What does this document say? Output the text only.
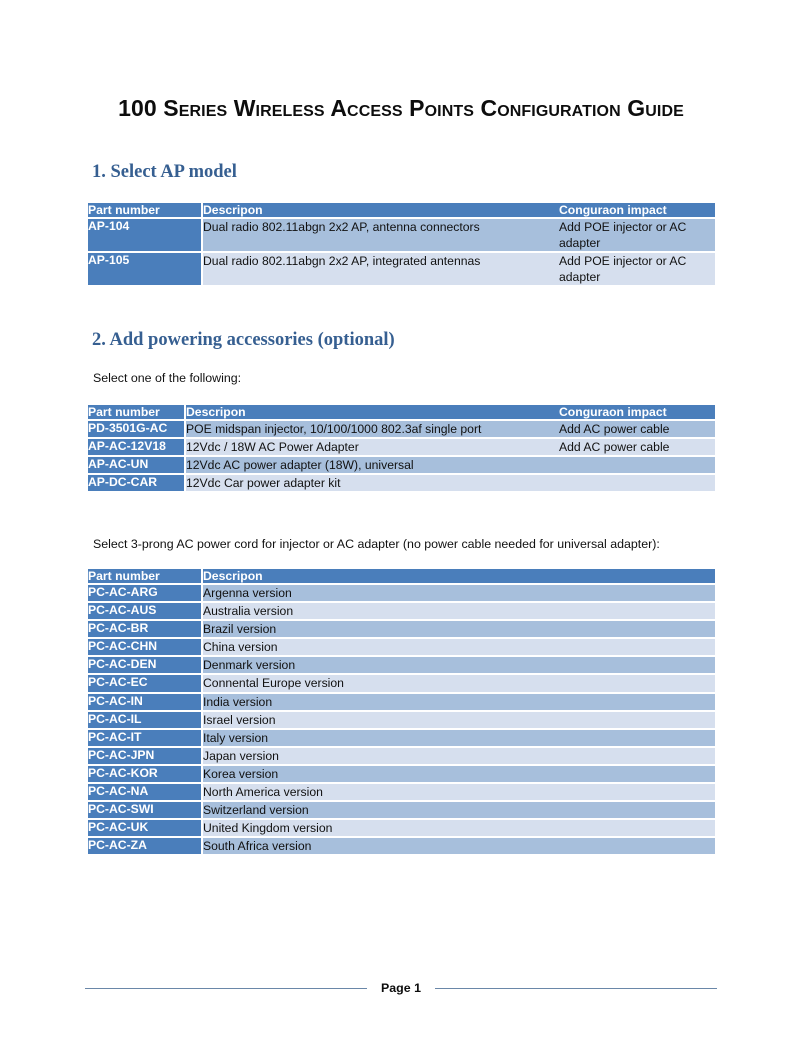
100 Series Wireless Access Points Configuration Guide
1. Select AP model
Part number	Descripon	Conguraon impact
AP-104	Dual radio 802.11abgn 2x2 AP, antenna connectors	Add POE injector or AC adapter
AP-105	Dual radio 802.11abgn 2x2 AP, integrated antennas	Add POE injector or AC adapter
2. Add powering accessories (optional)
Select one of the following:
Part number	Descripon	Conguraon impact
PD-3501G-AC	POE midspan injector, 10/100/1000 802.3af single port	Add AC power cable
AP-AC-12V18	12Vdc / 18W AC Power Adapter	Add AC power cable
AP-AC-UN	12Vdc AC power adapter (18W), universal	
AP-DC-CAR	12Vdc Car power adapter kit	
Select 3-prong AC power cord for injector or AC adapter (no power cable needed for universal adapter):
Part number	Descripon
PC-AC-ARG	Argenna version
PC-AC-AUS	Australia version
PC-AC-BR	Brazil version
PC-AC-CHN	China version
PC-AC-DEN	Denmark version
PC-AC-EC	Connental Europe version
PC-AC-IN	India version
PC-AC-IL	Israel version
PC-AC-IT	Italy version
PC-AC-JPN	Japan version
PC-AC-KOR	Korea version
PC-AC-NA	North America version
PC-AC-SWI	Switzerland version
PC-AC-UK	United Kingdom version
PC-AC-ZA	South Africa version
Page 1
